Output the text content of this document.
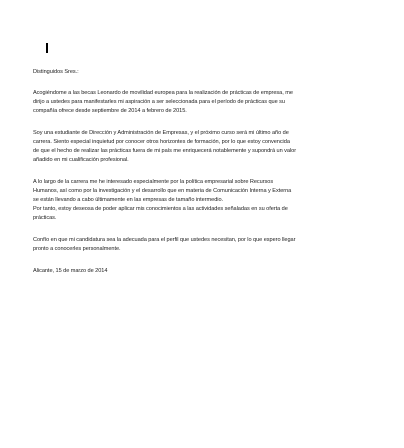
Distinguidos Sres.:

Acogiéndome a las becas Leonardo de movilidad europea para la realización de prácticas de empresa, me
dirijo a ustedes para manifestarles mi aspiración a ser seleccionada para el período de prácticas que su
compañía ofrece desde septiembre de 2014 a febrero de 2015.

Soy una estudiante de Dirección y Administración de Empresas, y el próximo curso será mi último año de
carrera. Siento especial inquietud por conocer otros horizontes de formación, por lo que estoy convencida
de que el hecho de realizar las prácticas fuera de mi país me enriquecerá notablemente y supondrá un valor
añadido en mi cualificación profesional.

A lo largo de la carrera me he interesado especialmente por la política empresarial sobre Recursos
Humanos, así como por la investigación y el desarrollo que en materia de Comunicación Interna y Externa
se están llevando a cabo últimamente en las empresas de tamaño intermedio.
Por tanto, estoy deseosa de poder aplicar mis conocimientos a las actividades señaladas en su oferta de
prácticas.

Confío en que mi candidatura sea la adecuada para el perfil que ustedes necesitan, por lo que espero llegar
pronto a conocerles personalmente.

Alicante, 15 de marzo de 2014
